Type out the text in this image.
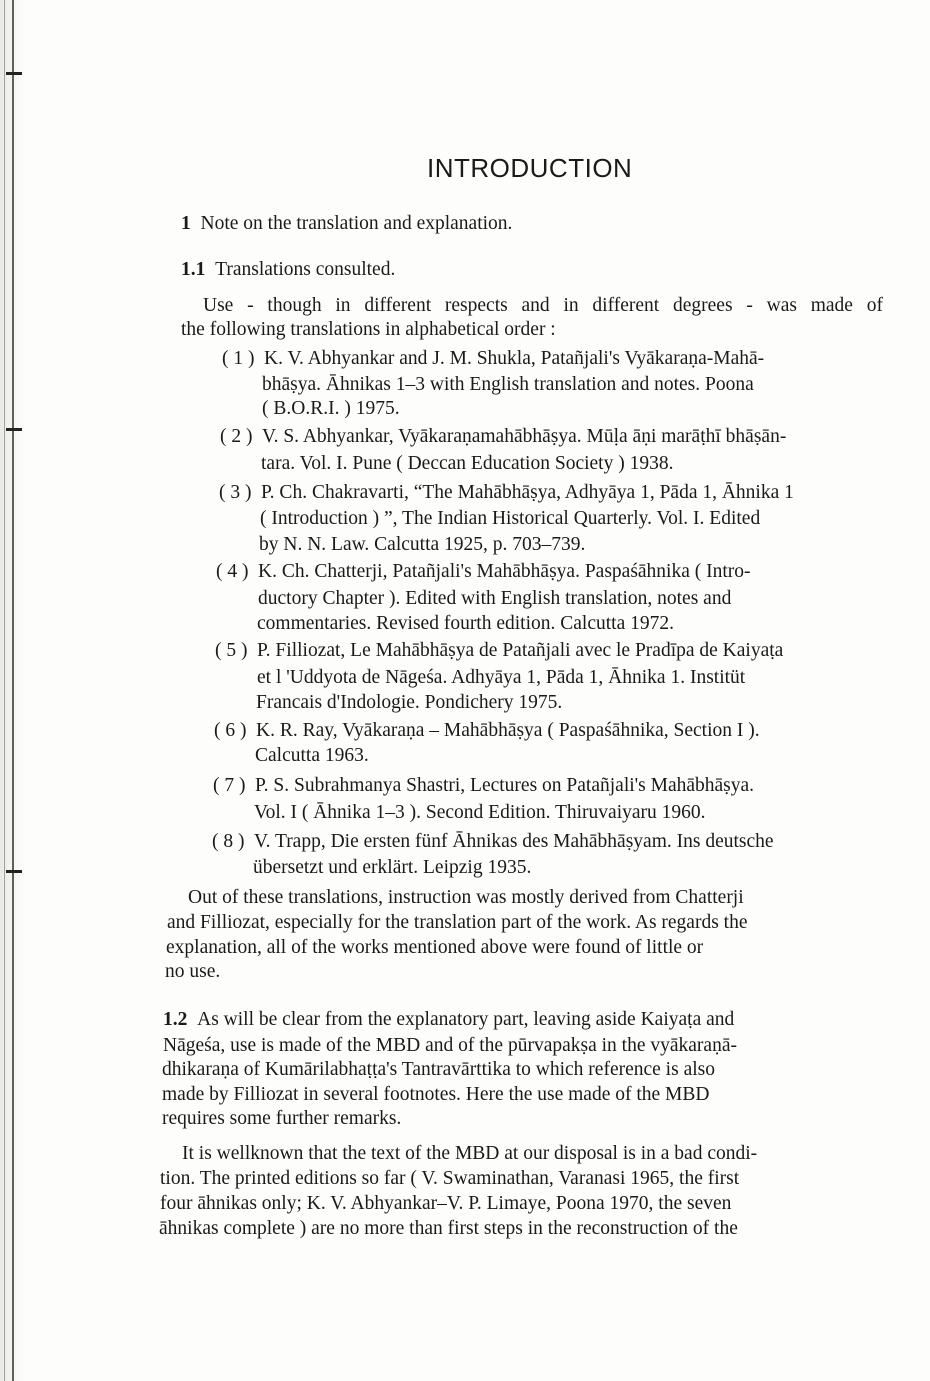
INTRODUCTION
1 Note on the translation and explanation.
1.1 Translations consulted.
Use - though in different respects and in different degrees - was made of
the following translations in alphabetical order :
( 1 ) K. V. Abhyankar and J. M. Shukla, Patañjali's Vyākaraṇa-Mahā-
bhāṣya. Āhnikas 1–3 with English translation and notes. Poona
( B.O.R.I. ) 1975.
( 2 ) V. S. Abhyankar, Vyākaraṇamahābhāṣya. Mūḷa āṇi marāṭhī bhāṣān-
tara. Vol. I. Pune ( Deccan Education Society ) 1938.
( 3 ) P. Ch. Chakravarti, “The Mahābhāṣya, Adhyāya 1, Pāda 1, Āhnika 1
( Introduction ) ”, The Indian Historical Quarterly. Vol. I. Edited
by N. N. Law. Calcutta 1925, p. 703–739.
( 4 ) K. Ch. Chatterji, Patañjali's Mahābhāṣya. Paspaśāhnika ( Intro-
ductory Chapter ). Edited with English translation, notes and
commentaries. Revised fourth edition. Calcutta 1972.
( 5 ) P. Filliozat, Le Mahābhāṣya de Patañjali avec le Pradīpa de Kaiyaṭa
et l 'Uddyota de Nāgeśa. Adhyāya 1, Pāda 1, Āhnika 1. Institüt
Francais d'Indologie. Pondichery 1975.
( 6 ) K. R. Ray, Vyākaraṇa – Mahābhāṣya ( Paspaśāhnika, Section I ).
Calcutta 1963.
( 7 ) P. S. Subrahmanya Shastri, Lectures on Patañjali's Mahābhāṣya.
Vol. I ( Āhnika 1–3 ). Second Edition. Thiruvaiyaru 1960.
( 8 ) V. Trapp, Die ersten fünf Āhnikas des Mahābhāṣyam. Ins deutsche
übersetzt und erklärt. Leipzig 1935.
Out of these translations, instruction was mostly derived from Chatterji
and Filliozat, especially for the translation part of the work. As regards the
explanation, all of the works mentioned above were found of little or
no use.
1.2 As will be clear from the explanatory part, leaving aside Kaiyaṭa and
Nāgeśa, use is made of the MBD and of the pūrvapakṣa in the vyākaraṇā-
dhikaraṇa of Kumārilabhaṭṭa's Tantravārttika to which reference is also
made by Filliozat in several footnotes. Here the use made of the MBD
requires some further remarks.
It is wellknown that the text of the MBD at our disposal is in a bad condi-
tion. The printed editions so far ( V. Swaminathan, Varanasi 1965, the first
four āhnikas only; K. V. Abhyankar–V. P. Limaye, Poona 1970, the seven
āhnikas complete ) are no more than first steps in the reconstruction of the
